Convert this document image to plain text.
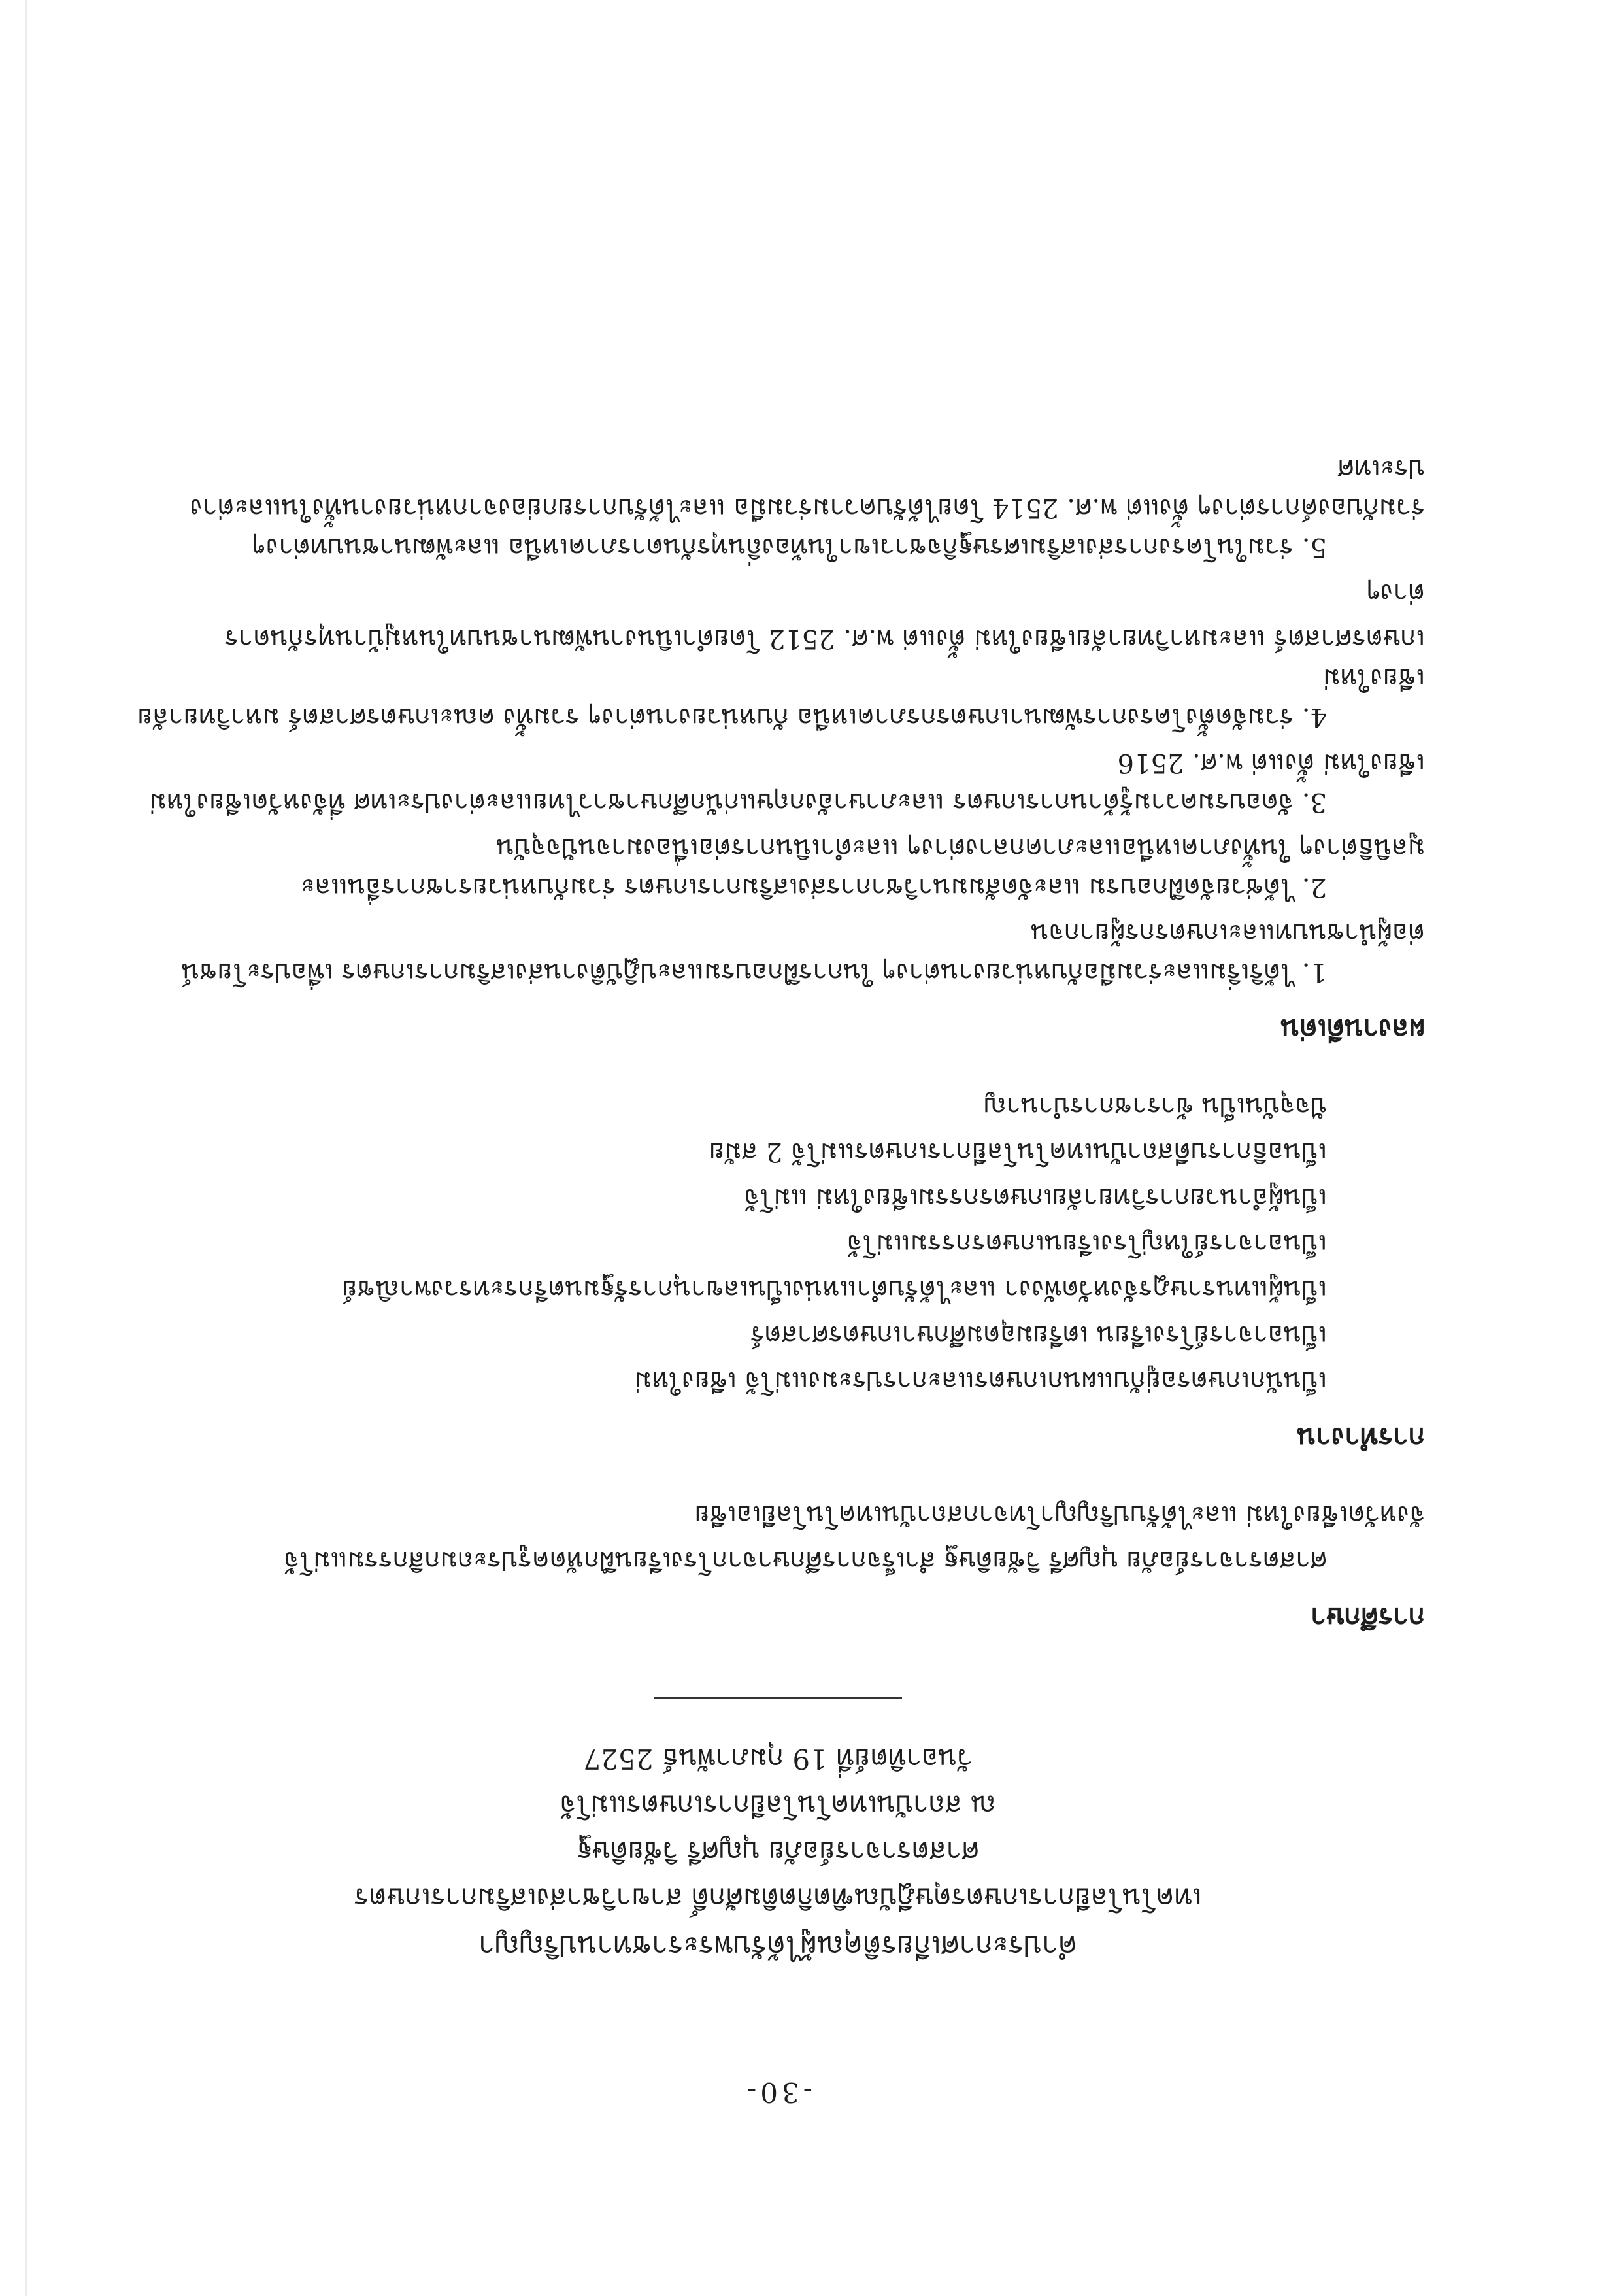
-30-
คำประกาศเกียรติคุณผู้ได้รับพระราชทานปริญญา
เทคโนโลยีการเกษตรดุษฎีบัณฑิตกิตติมศักดิ์ สาขาวิชาส่งเสริมการเกษตร
ศาสตราจารย์อภัย บุญศรี วิชัยดิษฐ
ณ สถาบันเทคโนโลยีการเกษตรแม่โจ้
วันอาทิตย์ที่ 19 กุมภาพันธ์ 2527
การศึกษา
ศาสตราจารย์อภัย บุญศรี วิชัยดิษฐ สำเร็จการศึกษาจากโรงเรียนฝึกหัดครูประถมกสิกรรมแม่โจ้
จังหวัดเชียงใหม่ และได้รับปริญญาโทจากสถาบันเทคโนโลยีเอเชีย
การทำงาน
เป็นนักเกษตรอยู่กับแผนกเกษตรและการประมงแม่โจ้ เชียงใหม่
เป็นอาจารย์โรงเรียน เตรียมอุดมศึกษาเกษตรศาสตร์
เป็นผู้แทนราษฎรจังหวัดพังงา และได้รับตำแหน่งเป็นเลขานุการรัฐมนตรีกระทรวงพาณิชย์
เป็นอาจารย์ใหญ่โรงเรียนเกษตรกรรมแม่โจ้
เป็นผู้อำนวยการวิทยาลัยเกษตรกรรมเชียงใหม่ แม่โจ้
เป็นอธิการบดีสถาบันเทคโนโลยีการเกษตรแม่โจ้ 2 สมัย
ปัจจุบันเป็น ข้าราชการบำนาญ
ผลงานดีเด่น
1. ได้ริเริ่มและร่วมมือกับหน่วยงานต่างๆ ในการฝึกอบรมและปฏิบัติงานส่งเสริมการเกษตร เพื่อประโยชน์
ต่อผู้นำชนบทและเกษตรกรผู้ยากจน
2. ได้ช่วยจัดฝึกอบรม และจัดสัมมนาวิชาการส่งเสริมการเกษตร ร่วมกับหน่วยราชการอื่นและ
มูลนิธิต่างๆ ในทั้งภาคเหนือและภาคกลางต่างๆ และดำเนินการต่อเนื่องมาจนปัจจุบัน
3. จัดอบรมความรู้ด้านการเกษตร และภาษาอังกฤษแก่นักศึกษาชาวไทยและต่างประเทศ ที่จังหวัดเชียงใหม่
เชียงใหม่ ตั้งแต่ พ.ศ. 2516
4. ร่วมจัดตั้งโครงการพัฒนาเกษตรกรภาคเหนือ กับหน่วยงานต่างๆ รวมทั้ง คณะเกษตรศาสตร์ มหาวิทยาลัยเชียงใหม่
เกษตรศาสตร์ และมหาวิทยาลัยเชียงใหม่ ตั้งแต่ พ.ศ. 2512 โดยดำเนินงานพัฒนาชนบทในหมู่บ้านทุรกันดาร
ต่างๆ
5. ร่วมในโครงการส่งเสริมเศรษฐกิจชาวเขาในท้องถิ่นทุรกันดารภาคเหนือ และพัฒนาชนบทต่างๆ
ร่วมกับองค์การต่างๆ ตั้งแต่ พ.ศ. 2514 โดยได้รับความร่วมมือ และได้รับการยกย่องจากหน่วยงานทั้งในและต่างประเทศ
